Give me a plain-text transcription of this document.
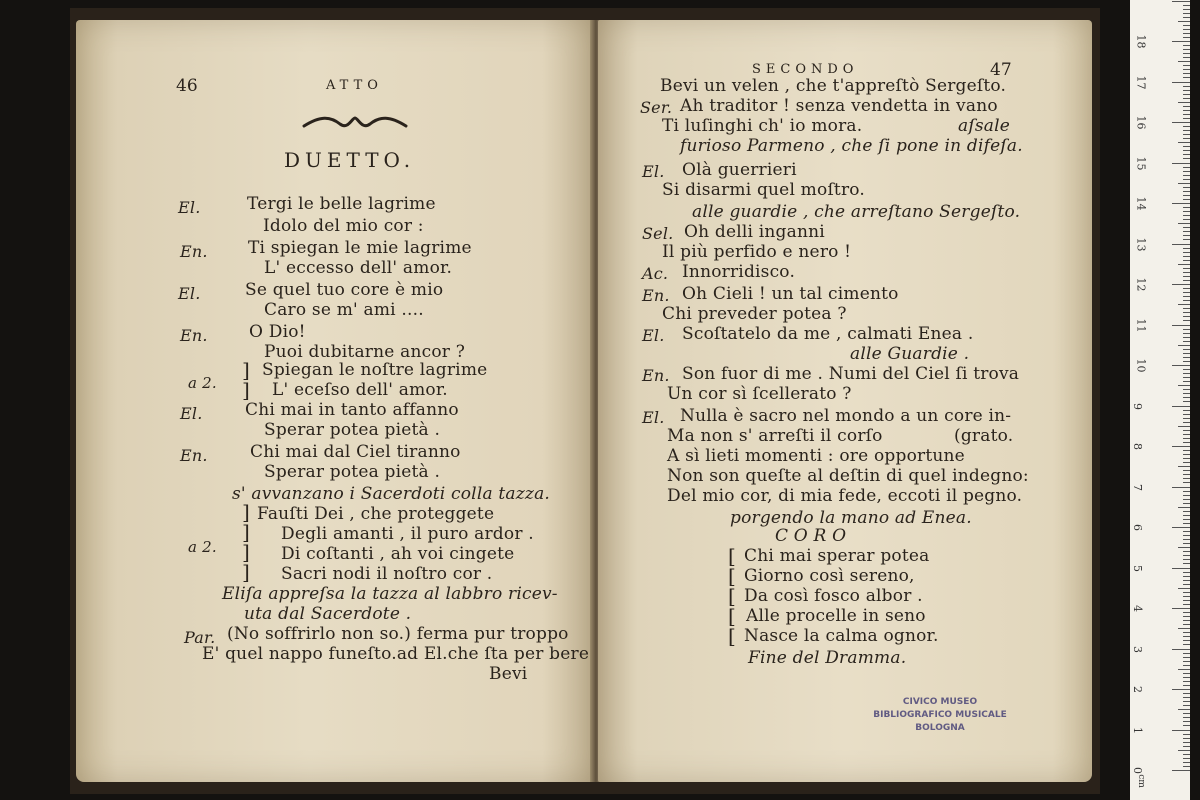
46	ATTO
DUETTO.
El.	Tergi le belle lagrime
Idolo del mio cor :
En. Ti spiegan le mie lagrime
L' eccesso dell' amor.
El.	Se quel tuo core è mio
Caro se m' ami ....
En. O Dio!
Puoi dubitarne ancor ?
Spiegan le noſtre lagrime
L' eceſso dell' amor.
El.	Chi mai in tanto affanno
Sperar potea pietà .
En. Chi mai dal Ciel tiranno
Sperar potea pietà .
s' avvanzano i Sacerdoti colla tazza.
Fauſti Dei , che proteggete
Degli amanti , il puro ardor .
Di coſtanti , ah voi cingete
Sacri nodi il noſtro cor .
Eliſa appreſsa la tazza al labbro ricev-
uta dal Sacerdote .
Par. (No soffrirlo non so.) ferma pur troppo
E' quel nappo funeſto.ad El.che ſta per bere
Bevi
a 2.
a 2.
]
]
]
]
]
]
SECONDO	47
Bevi un velen , che t'appreſtò Sergeſto.
Ser. Ah traditor ! senza vendetta in vano
Ti luſinghi ch' io mora.	aſsale
furioso Parmeno , che ſi pone in difeſa.
El. Olà guerrieri
Si disarmi quel moſtro.
alle guardie , che arreſtano Sergeſto.
Sel. Oh delli inganni
Il più perfido e nero !
Ac. Innorridisco.
En. Oh Cieli ! un tal cimento
Chi preveder potea ?
El. Scoſtatelo da me , calmati Enea .
alle Guardie .
En. Son fuor di me . Numi del Ciel ſi trova
Un cor sì ſcellerato ?
El. Nulla è sacro nel mondo a un core in-
Ma non s' arreſti il corſo	(grato.
A sì lieti momenti : ore opportune
Non son queſte al deſtin di quel indegno:
Del mio cor, di mia fede, eccoti il pegno.
porgendo la mano ad Enea.
C O R O
Chi mai sperar potea
Giorno così sereno,
Da così fosco albor .
Alle procelle in seno
Nasce la calma ognor.
Fine del Dramma.
[
[
[
[
[
CIVICO MUSEO
BIBLIOGRAFICO MUSICALE
BOLOGNA
0
1
2
3
4
5
6
7
8
9
10
11
12
13
14
15
16
17
18
cm
